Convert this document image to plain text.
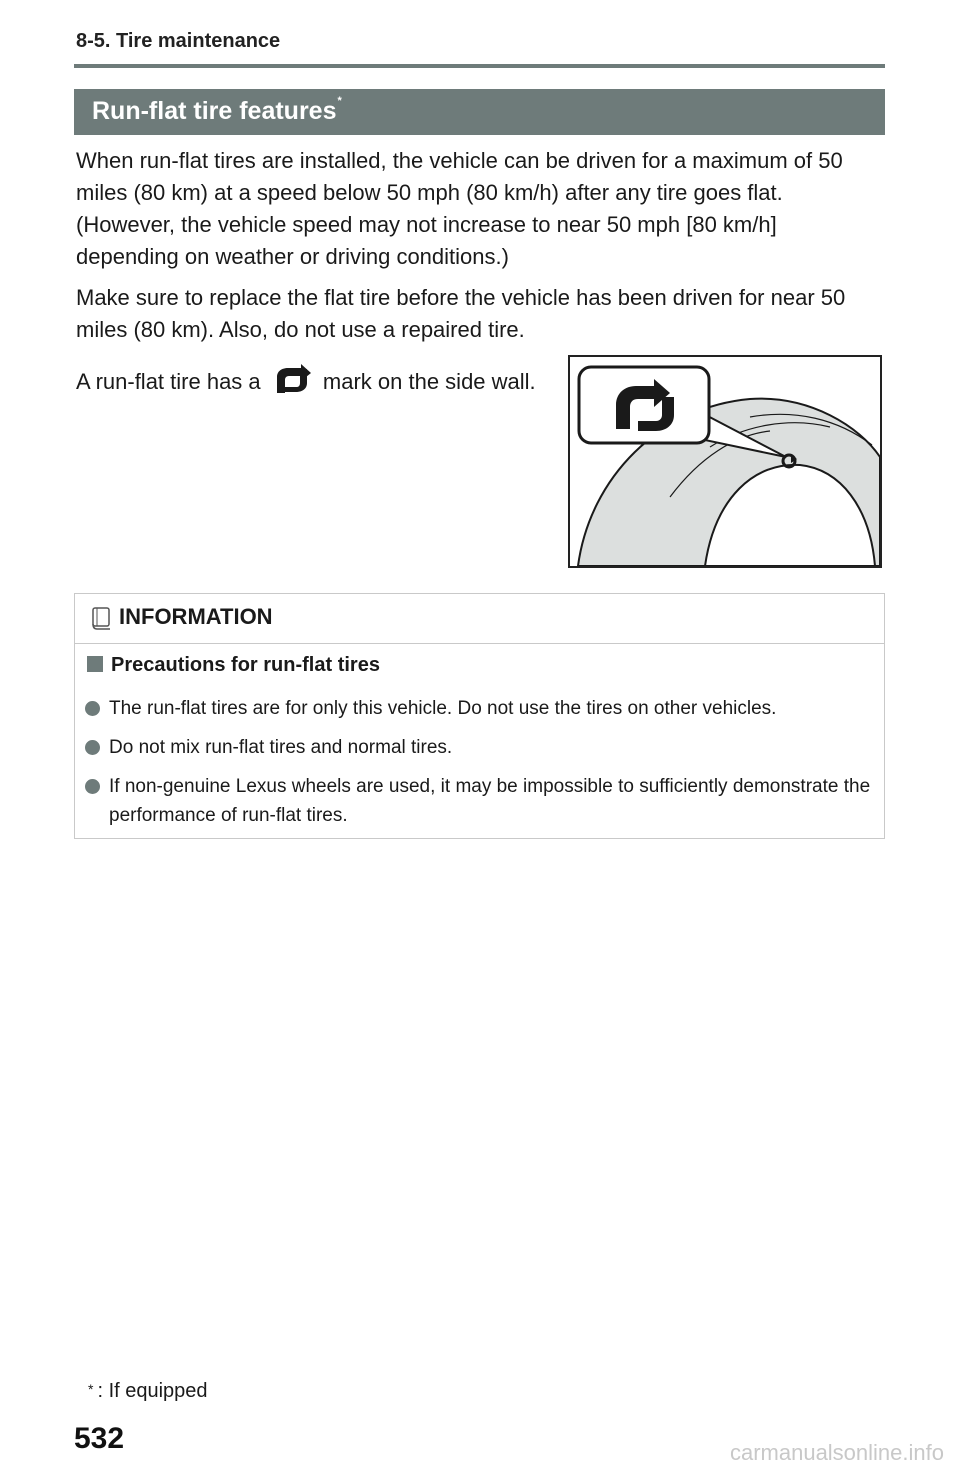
8-5. Tire maintenance
Run-flat tire features*
When run-flat tires are installed, the vehicle can be driven for a maximum of 50 miles (80 km) at a speed below 50 mph (80 km/h) after any tire goes flat. (However, the vehicle speed may not increase to near 50 mph [80 km/h] depending on weather or driving conditions.)
Make sure to replace the flat tire before the vehicle has been driven for near 50 miles (80 km). Also, do not use a repaired tire.
A run-flat tire has a	mark on the side wall.
INFORMATION
Precautions for run-flat tires
The run-flat tires are for only this vehicle. Do not use the tires on other vehicles.
Do not mix run-flat tires and normal tires.
If non-genuine Lexus wheels are used, it may be impossible to sufficiently demonstrate the performance of run-flat tires.
* : If equipped
532	carmanualsonline.info
